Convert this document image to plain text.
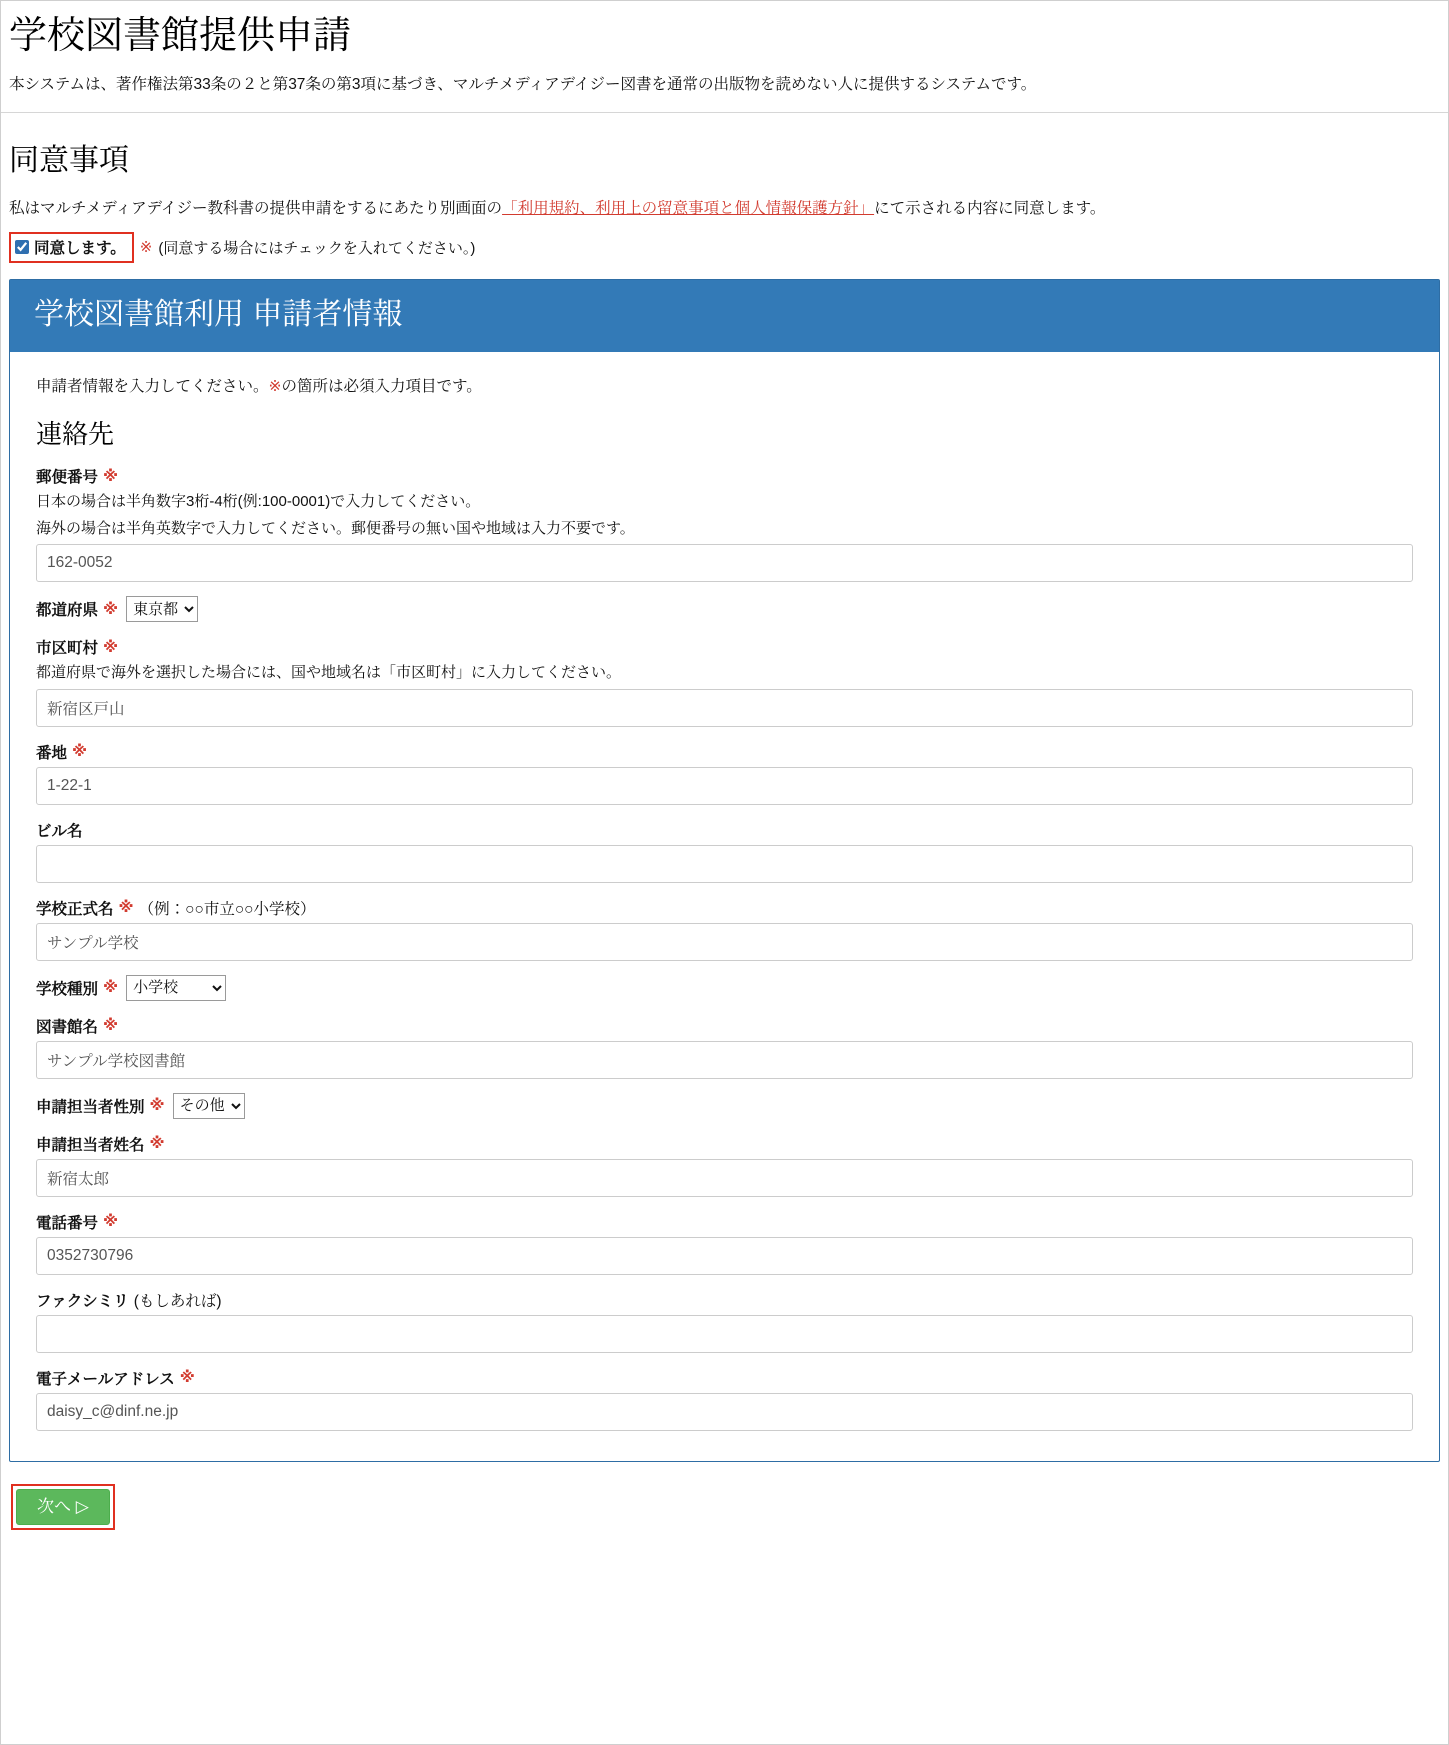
学校図書館提供申請

本システムは、著作権法第33条の２と第37条の第3項に基づき、マルチメディアデイジー図書を通常の出版物を読めない人に提供するシステムです。

同意事項

私はマルチメディアデイジー教科書の提供申請をするにあたり別画面の「利用規約、利用上の留意事項と個人情報保護方針」にて示される内容に同意します。

同意します。 ※ (同意する場合にはチェックを入れてください。)
学校図書館利用 申請者情報

申請者情報を入力してください。※の箇所は必須入力項目です。

連絡先
郵便番号 ※
日本の場合は半角数字3桁-4桁(例:100-0001)で入力してください。
海外の場合は半角英数字で入力してください。郵便番号の無い国や地域は入力不要です。
162-0052
都道府県 ※
東京都
市区町村 ※
都道府県で海外を選択した場合には、国や地域名は「市区町村」に入力してください。
新宿区戸山
番地 ※
1-22-1
ビル名
学校正式名 ※ （例：○○市立○○小学校）
サンプル学校
学校種別 ※
小学校
図書館名 ※
サンプル学校図書館
申請担当者性別 ※
その他
申請担当者姓名 ※
新宿太郎
電話番号 ※
0352730796
ファクシミリ (もしあれば)
電子メールアドレス ※
daisy_c@dinf.ne.jp
次へ ▷
